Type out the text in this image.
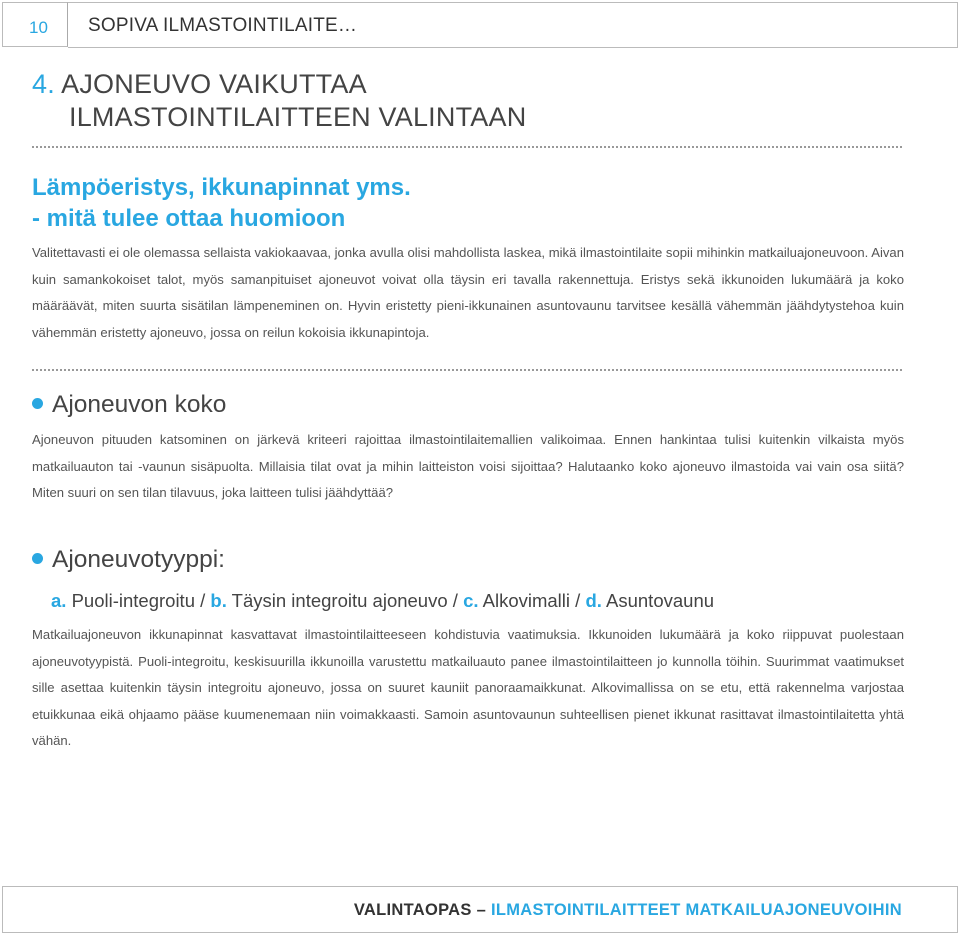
10 SOPIVA ILMASTOINTILAITE…
4. AJONEUVO VAIKUTTAA
ILMASTOINTILAITTEEN VALINTAAN
Lämpöeristys, ikkunapinnat yms.
- mitä tulee ottaa huomioon
Valitettavasti ei ole olemassa sellaista vakiokaavaa, jonka avulla olisi mahdollista laskea, mikä ilmastointilaite sopii mihinkin matkailuajoneuvoon. Aivan kuin samankokoiset talot, myös samanpituiset ajoneuvot voivat olla täysin eri tavalla rakennettuja. Eristys sekä ikkunoiden lukumäärä ja koko määräävät, miten suurta sisätilan lämpeneminen on. Hyvin eristetty pieni-ikkunainen asuntovaunu tarvitsee kesällä vähemmän jäähdytystehoa kuin vähemmän eristetty ajoneuvo, jossa on reilun kokoisia ikkunapintoja.
Ajoneuvon koko
Ajoneuvon pituuden katsominen on järkevä kriteeri rajoittaa ilmastointilaitemallien valikoimaa. Ennen hankintaa tulisi kuitenkin vilkaista myös matkailuauton tai -vaunun sisäpuolta. Millaisia tilat ovat ja mihin laitteiston voisi sijoittaa? Halutaanko koko ajoneuvo ilmastoida vai vain osa siitä? Miten suuri on sen tilan tilavuus, joka laitteen tulisi jäähdyttää?
Ajoneuvotyyppi:
a. Puoli-integroitu / b. Täysin integroitu ajoneuvo / c. Alkovimalli / d. Asuntovaunu
Matkailuajoneuvon ikkunapinnat kasvattavat ilmastointilaitteeseen kohdistuvia vaatimuksia. Ikkunoiden lukumäärä ja koko riippuvat puolestaan ajoneuvotyypistä. Puoli-integroitu, keskisuurilla ikkunoilla varustettu matkailuauto panee ilmastointilaitteen jo kunnolla töihin. Suurimmat vaatimukset sille asettaa kuitenkin täysin integroitu ajoneuvo, jossa on suuret kauniit panoraamaikkunat. Alkovimallissa on se etu, että rakennelma varjostaa etuikkunaa eikä ohjaamo pääse kuumenemaan niin voimakkaasti. Samoin asuntovaunun suhteellisen pienet ikkunat rasittavat ilmastointilaitetta yhtä vähän.
VALINTAOPAS – ILMASTOINTILAITTEET MATKAILUAJONEUVOIHIN
